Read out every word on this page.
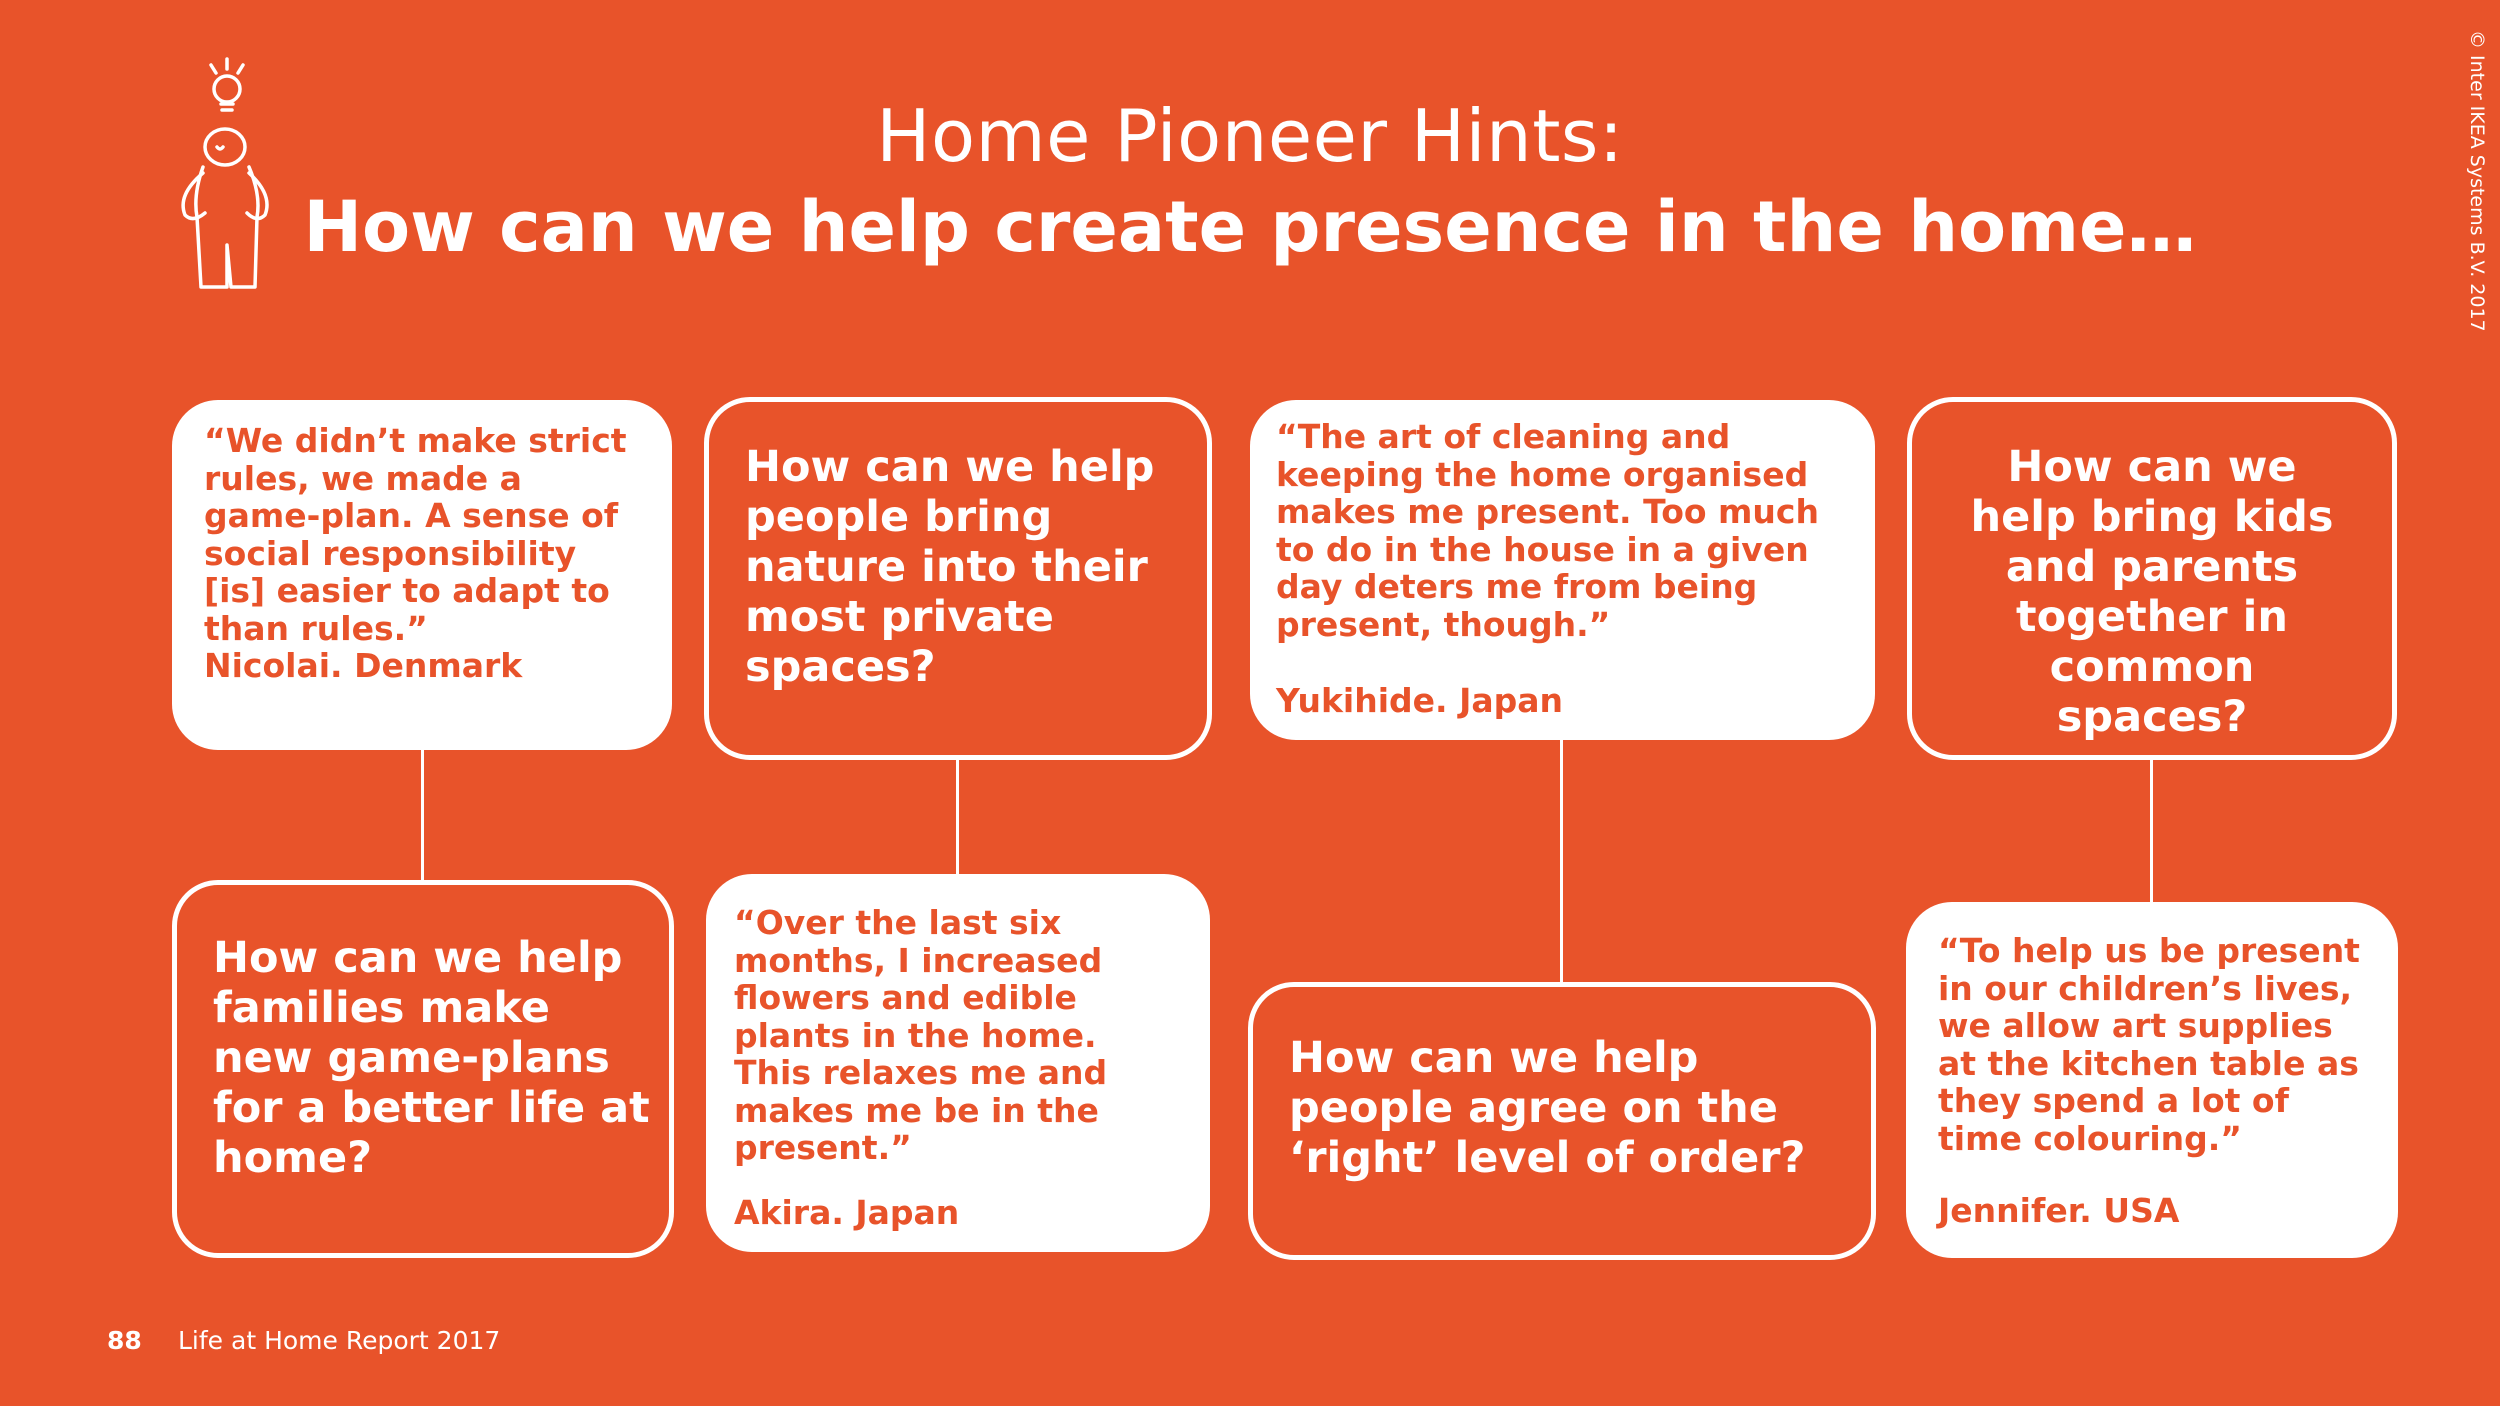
Home Pioneer Hints:
How can we help create presence in the home…	© Inter IKEA Systems B.V. 2017

“We didn’t make strict rules, we made a game-plan. A sense of social responsibility [is] easier to adapt to than rules.”

Nicolai. Denmark

How can we help people bring nature into their most private spaces?

“The art of cleaning and keeping the home organised makes me present. Too much to do in the house in a given day deters me from being present, though.”

Yukihide. Japan

How can we help bring kids and parents together in common spaces?

How can we help families make new game-plans for a better life at home?

“Over the last six months, I increased flowers and edible plants in the home. This relaxes me and makes me be in the present.”

Akira. Japan

How can we help people agree on the ‘right’ level of order?

“To help us be present in our children’s lives, we allow art supplies at the kitchen table as they spend a lot of time colouring.”

Jennifer. USA
88 Life at Home Report 2017
